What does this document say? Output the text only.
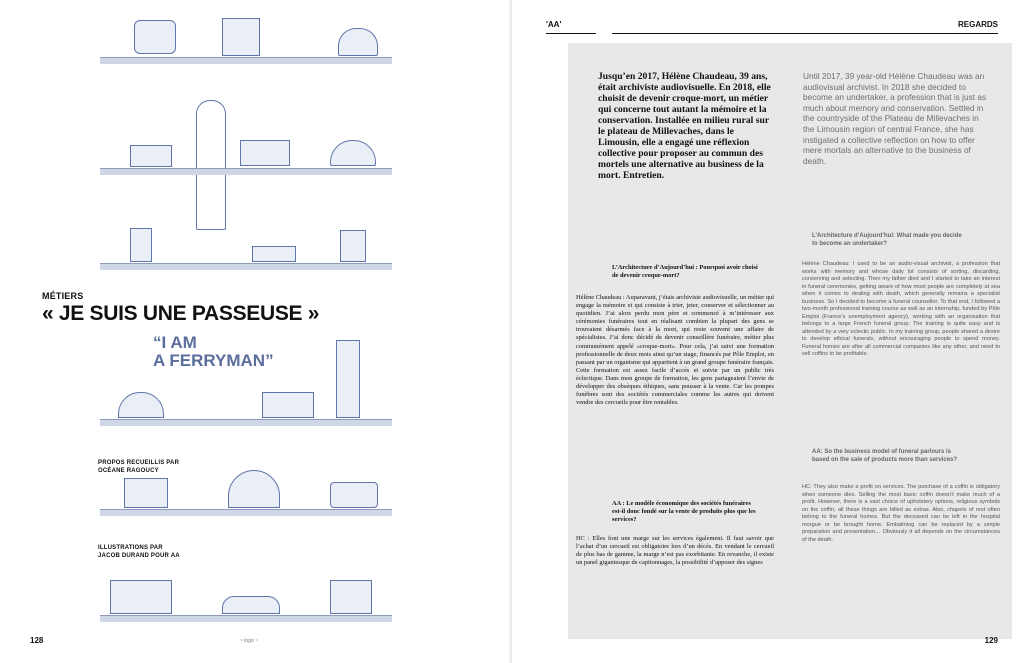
MÉTIERS
« JE SUIS UNE PASSEUSE »
“I AM
A FERRYMAN”
PROPOS RECUEILLIS PAR
OCÉANE RAGOUCY
ILLUSTRATIONS PAR
JACOB DURAND POUR AA
128	~ logo ~
'AA'	REGARDS
Jusqu’en 2017, Hélène Chaudeau, 39 ans, était archiviste audiovisuelle. En 2018, elle choisit de devenir croque-mort, un métier qui concerne tout autant la mémoire et la conservation. Installée en milieu rural sur le plateau de Millevaches, dans le Limousin, elle a engagé une réflexion collective pour proposer au commun des mortels une alternative au business de la mort. Entretien.
Until 2017, 39 year-old Hélène Chaudeau was an audiovisual archivist. In 2018 she decided to become an undertaker, a profession that is just as much about memory and conservation. Settled in the countryside of the Plateau de Millevaches in the Limousin region of central France, she has instigated a collective reflection on how to offer mere mortals an alternative to the business of death.
L’Architecture d’Aujourd’hui : Pourquoi avoir choisi de devenir croque-mort?
Hélène Chaudeau : Auparavant, j’étais archiviste audiovisuelle, un métier qui engage la mémoire et qui consiste à trier, jeter, conserver et sélectionner au quotidien. J’ai alors perdu mon père et commencé à m’intéresser aux cérémonies funéraires tout en réalisant combien la plupart des gens se trouvaient désarmés face à la mort, qui reste souvent une affaire de spécialistes. J’ai donc décidé de devenir conseillère funéraire, métier plus communément appelé «croque-mort». Pour cela, j’ai suivi une formation professionnelle de deux mois ainsi qu’un stage, financés par Pôle Emploi, en passant par un organisme qui appartient à un grand groupe funéraire français. Cette formation est assez facile d’accès et suivie par un public très éclectique. Dans mon groupe de formation, les gens partageaient l’envie de développer des obsèques éthiques, sans pousser à la vente. Car les pompes funèbres sont des sociétés commerciales comme les autres qui doivent vendre des cercueils pour être rentables.
AA : Le modèle économique des sociétés funéraires est-il donc fondé sur la vente de produits plus que les services?
HC : Elles font une marge sur les services également. Il faut savoir que l’achat d’un cercueil est obligatoire lors d’un décès. En vendant le cercueil de plus bas de gamme, la marge n’est pas exorbitante. En revanche, il existe un panel gigantesque de capitonnages, la possibilité d’apposer des signes
L’Architecture d’Aujourd’hui: What made you decide to become an undertaker?
Hélène Chaudeau: I used to be an audio-visual archivist, a profession that works with memory and whose daily lot consists of sorting, discarding, conserving and selecting. Then my father died and I started to take an interest in funeral ceremonies, getting aware of how most people are completely at sea when it comes to dealing with death, which generally remains a specialist business. So I decided to become a funeral counsellor. To that end, I followed a two-month professional training course as well as an internship, funded by Pôle Emploi (France’s unemployment agency), working with an organisation that belongs to a large French funeral group. The training is quite easy and is attended by a very eclectic public. In my training group, people shared a desire to develop ethical funerals, without encouraging people to spend money. Funeral homes are after all commercial companies like any other, and need to sell coffins to be profitable.
AA: So the business model of funeral parlours is based on the sale of products more than services?
HC: They also make a profit on services. The purchase of a coffin is obligatory when someone dies. Selling the most basic coffin doesn’t make much of a profit. However, there is a vast choice of upholstery options, religious symbols on the coffin, all these things are billed as extras. Also, chapels of rest often belong to the funeral homes. But the deceased can be left in the hospital morgue or be brought home. Embalming can be replaced by a simple preparation and presentation… Obviously it all depends on the circumstances of the death.
129
